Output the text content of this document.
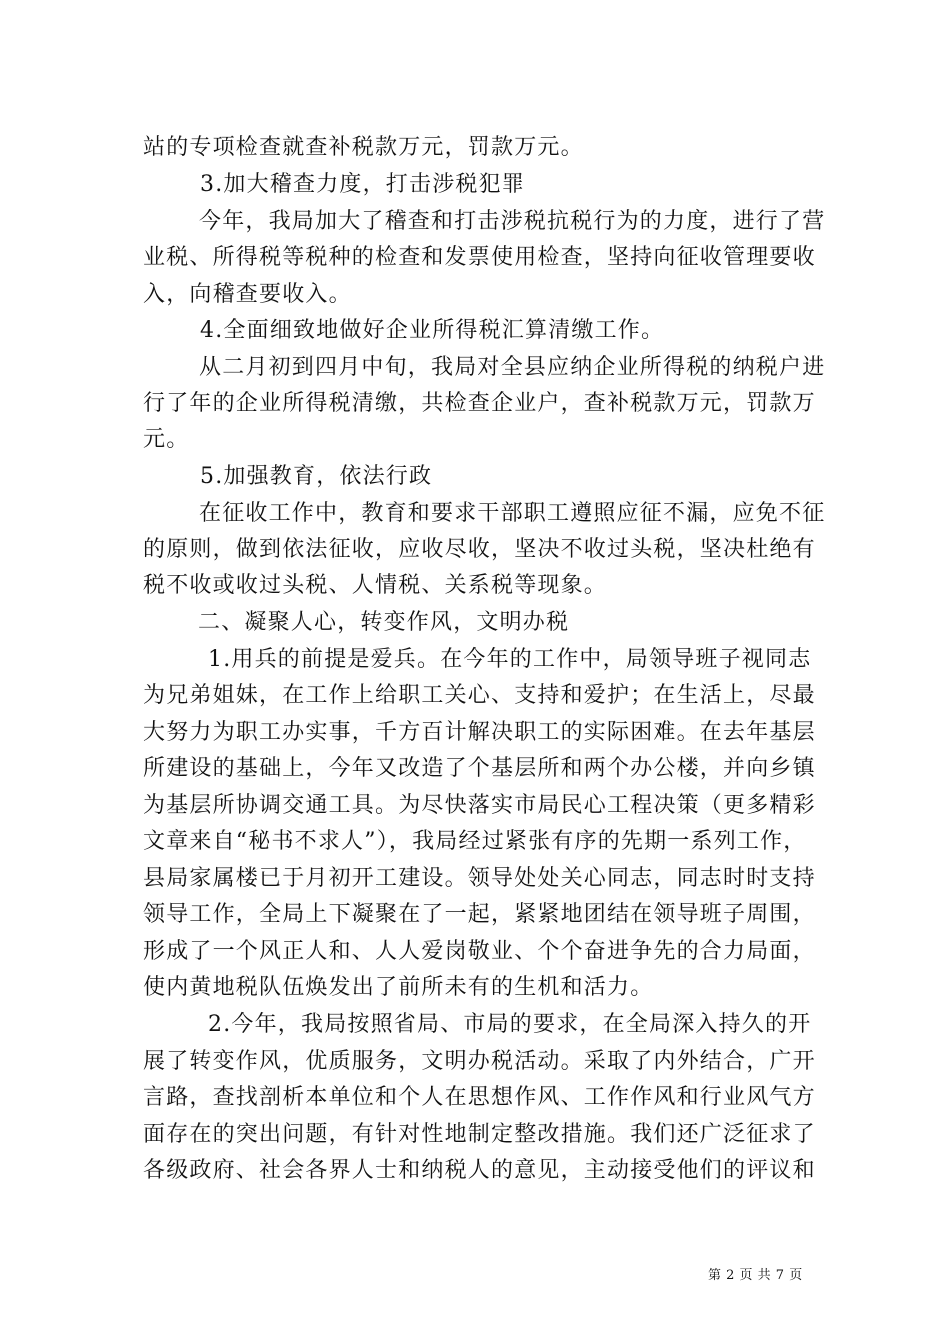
站的专项检查就查补税款万元，罚款万元。
3.加大稽查力度，打击涉税犯罪
今年，我局加大了稽查和打击涉税抗税行为的力度，进行了营
业税、所得税等税种的检查和发票使用检查，坚持向征收管理要收
入，向稽查要收入。
4.全面细致地做好企业所得税汇算清缴工作。
从二月初到四月中旬，我局对全县应纳企业所得税的纳税户进
行了年的企业所得税清缴，共检查企业户，查补税款万元，罚款万
元。
5.加强教育，依法行政
在征收工作中，教育和要求干部职工遵照应征不漏，应免不征
的原则，做到依法征收，应收尽收，坚决不收过头税，坚决杜绝有
税不收或收过头税、人情税、关系税等现象。
二、凝聚人心，转变作风，文明办税
1.用兵的前提是爱兵。在今年的工作中，局领导班子视同志
为兄弟姐妹，在工作上给职工关心、支持和爱护；在生活上，尽最
大努力为职工办实事，千方百计解决职工的实际困难。在去年基层
所建设的基础上，今年又改造了个基层所和两个办公楼，并向乡镇
为基层所协调交通工具。为尽快落实市局民心工程决策（更多精彩
文章来自“秘书不求人”），我局经过紧张有序的先期一系列工作，
县局家属楼已于月初开工建设。领导处处关心同志，同志时时支持
领导工作，全局上下凝聚在了一起，紧紧地团结在领导班子周围，
形成了一个风正人和、人人爱岗敬业、个个奋进争先的合力局面，
使内黄地税队伍焕发出了前所未有的生机和活力。
2.今年，我局按照省局、市局的要求，在全局深入持久的开
展了转变作风，优质服务，文明办税活动。采取了内外结合，广开
言路，查找剖析本单位和个人在思想作风、工作作风和行业风气方
面存在的突出问题，有针对性地制定整改措施。我们还广泛征求了
各级政府、社会各界人士和纳税人的意见，主动接受他们的评议和
第 2 页 共 7 页
